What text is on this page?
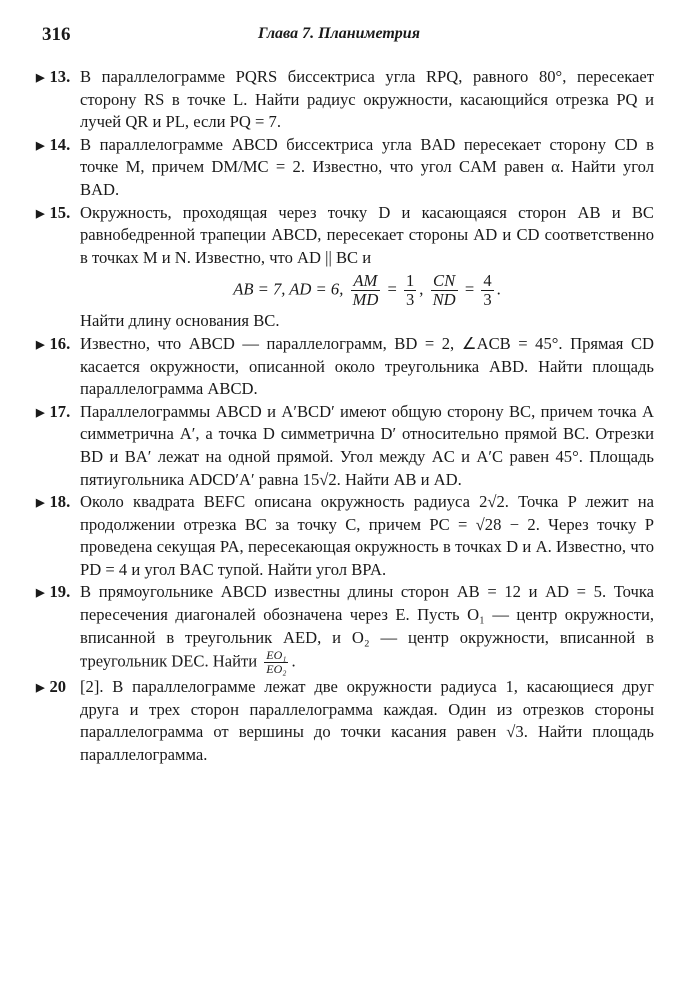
316	Глава 7. Планиметрия
▶ 13. В параллелограмме PQRS биссектриса угла RPQ, равного 80°, пересекает сторону RS в точке L. Найти радиус окружности, касающийся отрезка PQ и лучей QR и PL, если PQ = 7.
▶ 14. В параллелограмме ABCD биссектриса угла BAD пересекает сторону CD в точке M, причем DM/MC = 2. Известно, что угол CAM равен α. Найти угол BAD.
▶ 15. Окружность, проходящая через точку D и касающаяся сторон AB и BC равнобедренной трапеции ABCD, пересекает стороны AD и CD соответственно в точках M и N. Известно, что AD || BC и
AB = 7, AD = 6, $\frac{AM}{MD} = \frac{1}{3}$ , $\frac{CN}{ND} = \frac{4}{3}$ .
Найти длину основания BC.
▶ 16. Известно, что ABCD — параллелограмм, BD = 2, ∠ACB = 45°. Прямая CD касается окружности, описанной около треугольника ABD. Найти площадь параллелограмма ABCD.
▶ 17. Параллелограммы ABCD и A′BCD′ имеют общую сторону BC, причем точка A симметрична A′, а точка D симметрична D′ относительно прямой BC. Отрезки BD и BA′ лежат на одной прямой. Угол между AC и A′C равен 45°. Площадь пятиугольника ADCD′A′ равна 15√2. Найти AB и AD.
▶ 18. Около квадрата BEFC описана окружность радиуса 2√2. Точка P лежит на продолжении отрезка BC за точку C, причем PC = √28 − 2. Через точку P проведена секущая PA, пересекающая окружность в точках D и A. Известно, что PD = 4 и угол BAC тупой. Найти угол BPA.
▶ 19. В прямоугольнике ABCD известны длины сторон AB = 12 и AD = 5. Точка пересечения диагоналей обозначена через E. Пусть O₁ — центр окружности, вписанной в треугольник AED, и O₂ — центр окружности, вписанной в треугольник DEC. Найти $\frac{\text{EO₁}}{\text{EO₂}}$ .
▶ 20 [2]. В параллелограмме лежат две окружности радиуса 1, касающиеся друг друга и трех сторон параллелограмма каждая. Один из отрезков стороны параллелограмма от вершины до точки касания равен √3. Найти площадь параллелограмма.
